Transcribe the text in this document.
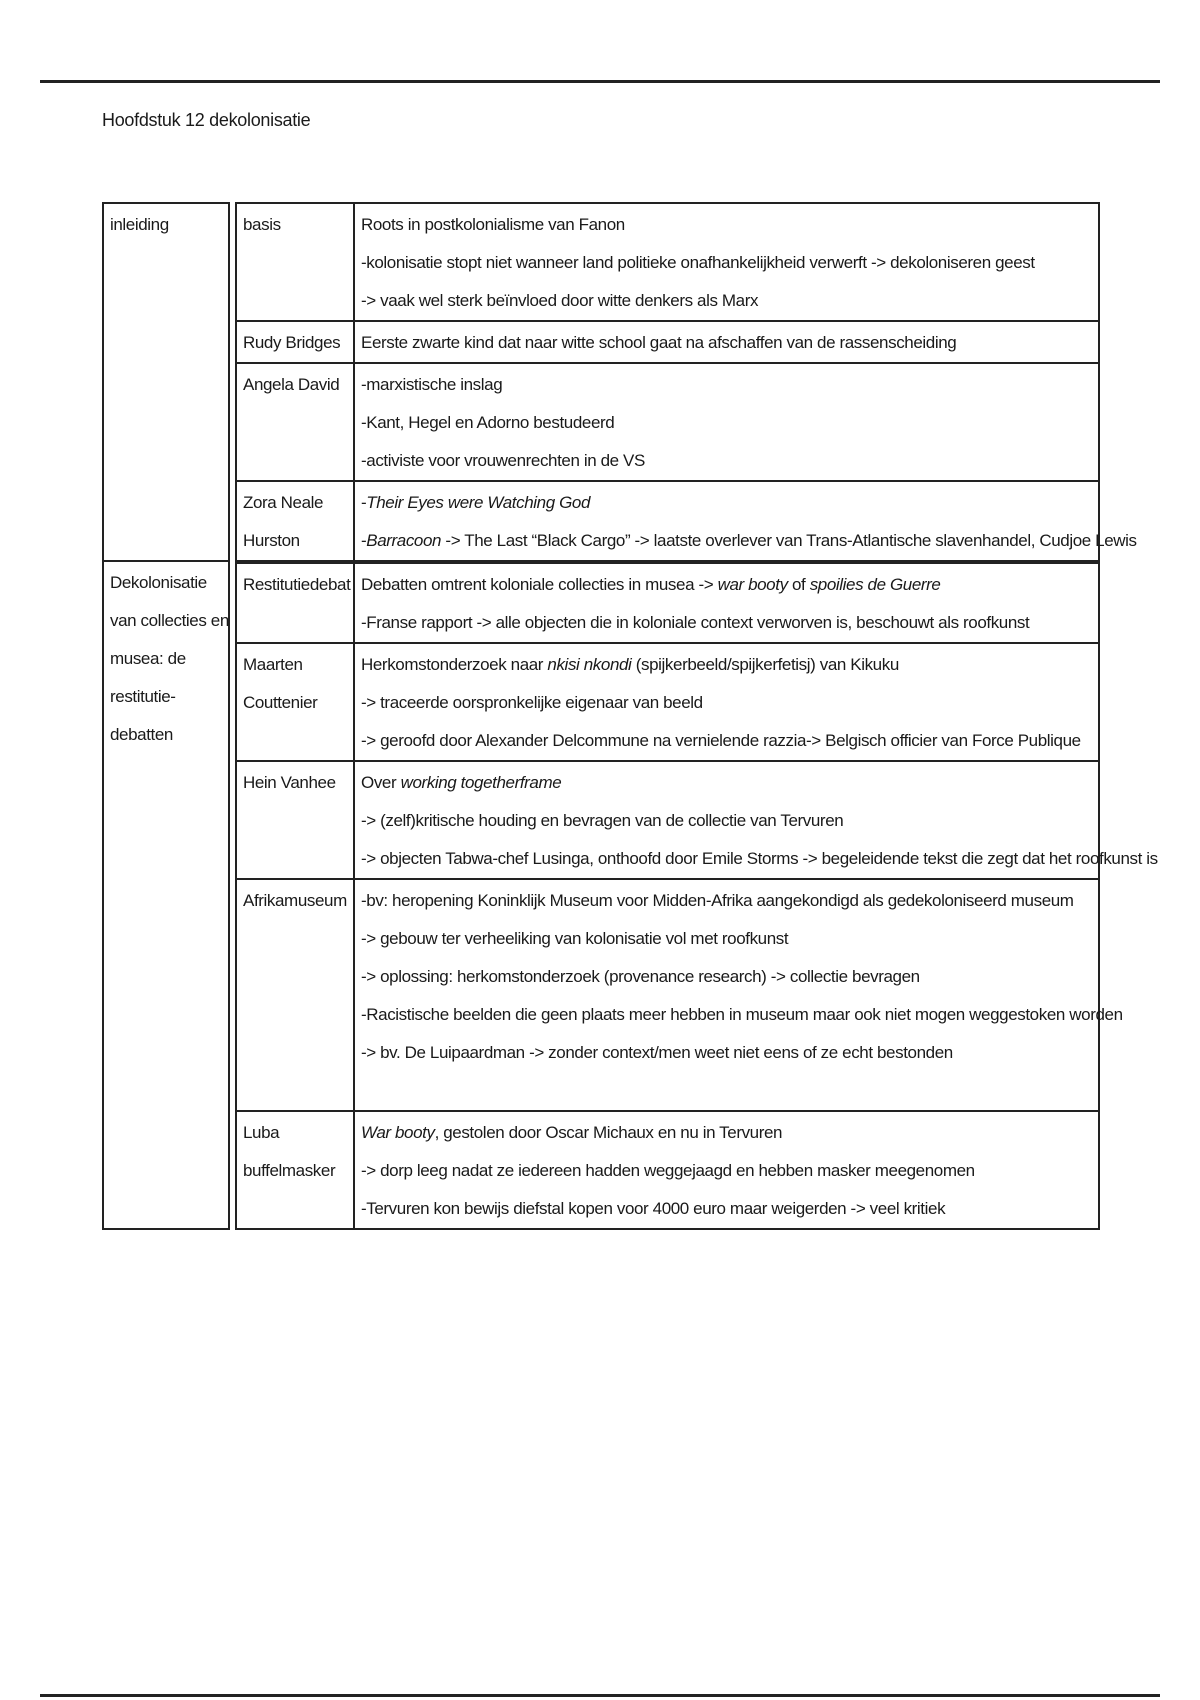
Hoofdstuk 12 dekolonisatie
inleiding		basis	Roots in postkolonialisme van Fanon
-kolonisatie stopt niet wanneer land politieke onafhankelijkheid verwerft -> dekoloniseren geest
-> vaak wel sterk beïnvloed door witte denkers als Marx

		Rudy Bridges	Eerste zwarte kind dat naar witte school gaat na afschaffen van de rassenscheiding

		Angela David	-marxistische inslag
-Kant, Hegel en Adorno bestudeerd
-activiste voor vrouwenrechten in de VS

		Zora Neale
Hurston	-Their Eyes were Watching God
-Barracoon -> The Last “Black Cargo” -> laatste overlever van Trans-Atlantische slavenhandel, Cudjoe Lewis

Dekolonisatie
van collecties en
musea: de
restitutie-
debatten		Restitutiedebat	Debatten omtrent koloniale collecties in musea -> war booty of spoilies de Guerre
-Franse rapport -> alle objecten die in koloniale context verworven is, beschouwt als roofkunst

		Maarten
Couttenier	Herkomstonderzoek naar nkisi nkondi (spijkerbeeld/spijkerfetisj) van Kikuku
-> traceerde oorspronkelijke eigenaar van beeld
-> geroofd door Alexander Delcommune na vernielende razzia-> Belgisch officier van Force Publique

		Hein Vanhee	Over working togetherframe
-> (zelf)kritische houding en bevragen van de collectie van Tervuren
-> objecten Tabwa-chef Lusinga, onthoofd door Emile Storms -> begeleidende tekst die zegt dat het roofkunst is

		Afrikamuseum	-bv: heropening Koninklijk Museum voor Midden-Afrika aangekondigd als gedekoloniseerd museum
-> gebouw ter verheeliking van kolonisatie vol met roofkunst
-> oplossing: herkomstonderzoek (provenance research) -> collectie bevragen
-Racistische beelden die geen plaats meer hebben in museum maar ook niet mogen weggestoken worden
-> bv. De Luipaardman -> zonder context/men weet niet eens of ze echt bestonden

		Luba
buffelmasker	War booty, gestolen door Oscar Michaux en nu in Tervuren
-> dorp leeg nadat ze iedereen hadden weggejaagd en hebben masker meegenomen
-Tervuren kon bewijs diefstal kopen voor 4000 euro maar weigerden -> veel kritiek
